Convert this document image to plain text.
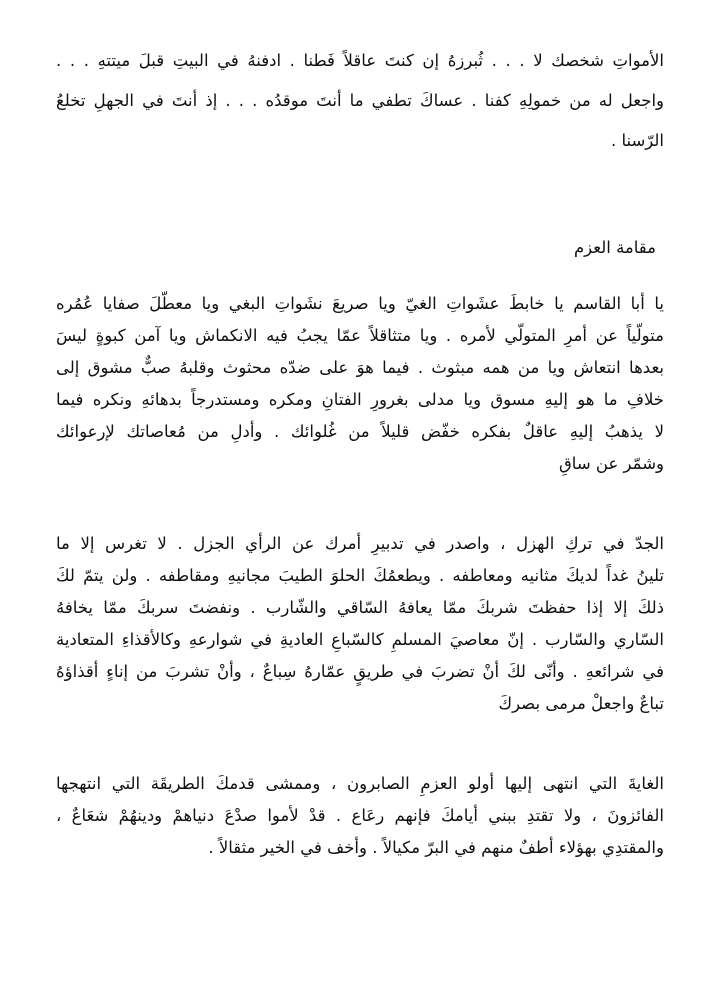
الأمواتِ شخصك لا . . . ثُبرزهُ إن كنتَ عاقلاً فَطنا . ادفنهُ في البيتِ قبلَ ميتتهِ . . .
واجعل له من خمولِهِ كفنا . عساكَ تطفي ما أنتَ موقدُه . . . إذ أنتَ في الجهلِ تخلعُ
الرّسنا .
مقامة العزم
يا أبا القاسم يا خابطَ عشَواتِ الغيّ ويا صريعَ نشَواتِ البغي ويا معطّلَ صفايا عُمُره
متولّياً عن أمرِ المتولّي لأمره . ويا متثاقلاً عمّا يجبُ فيه الانكماش ويا آمن كبوةٍ ليسَ
بعدها انتعاش ويا من همه مبثوث . فيما هوَ على ضدّه محثوث وقلبهُ صبٌّ مشوق إلى
خلافِ ما هو إليهِ مسوق ويا مدلى بغرورِ الفتانِ ومكره ومستدرجاً بدهائهِ ونكره فيما
لا يذهبُ إليهِ عاقلٌ بفكره خفّض قليلاً من غُلوائك . وأدلِ من مُعاصاتك لإرعوائك
وشمّر عن ساقِ
الجدّ في تركِ الهزل ، واصدر في تدبيرِ أمرك عن الرأي الجزل . لا تغرس إلا ما
تلينُ غداً لديكَ مثانيه ومعاطفه . ويطعمُكَ الحلوَ الطيبَ مجانيهِ ومقاطفه . ولن يتمّ لكَ
ذلكَ إلا إذا حفظتَ شربكَ ممّا يعافهُ السّاقي والشّارب . ونفضتَ سربكَ ممّا يخافهُ
السّاري والسّارب . إنّ معاصيَ المسلمِ كالسّباعِ العاديةِ في شوارعهِ وكالأقذاءِ المتعادية
في شرائعهِ . وأنّى لكَ أنْ تضربَ في طريقٍ عمّارهُ سِباعٌ ، وأنْ تشربَ من إناءٍ أقذاؤهُ
تباعٌ واجعلْ مرمى بصركَ
الغايةَ التي انتهى إليها أولو العزمِ الصابرون ، وممشى قدمكَ الطريقَة التي انتهجها
الفائزونَ ، ولا تقتدِ ببني أيامكَ فإنهم رعَاع . قدْ لأموا صدْعَ دنياهمْ ودينهُمْ شعَاعٌ ،
والمقتدِي بهؤلاء أطفٌ منهم في البرّ مكيالاً . وأخف في الخير مثقالاً .
